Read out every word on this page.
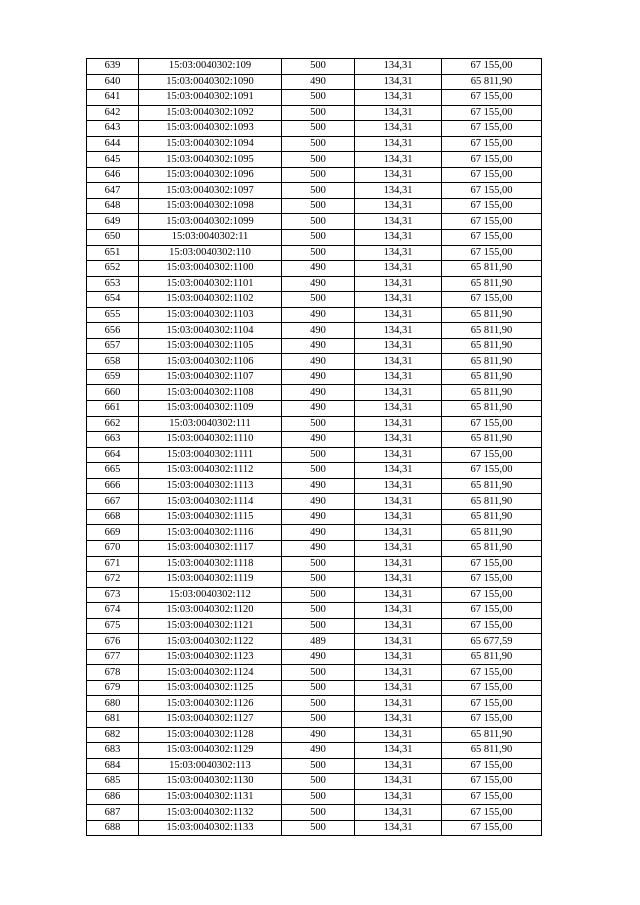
639	15:03:0040302:109	500	134,31	67 155,00
640	15:03:0040302:1090	490	134,31	65 811,90
641	15:03:0040302:1091	500	134,31	67 155,00
642	15:03:0040302:1092	500	134,31	67 155,00
643	15:03:0040302:1093	500	134,31	67 155,00
644	15:03:0040302:1094	500	134,31	67 155,00
645	15:03:0040302:1095	500	134,31	67 155,00
646	15:03:0040302:1096	500	134,31	67 155,00
647	15:03:0040302:1097	500	134,31	67 155,00
648	15:03:0040302:1098	500	134,31	67 155,00
649	15:03:0040302:1099	500	134,31	67 155,00
650	15:03:0040302:11	500	134,31	67 155,00
651	15:03:0040302:110	500	134,31	67 155,00
652	15:03:0040302:1100	490	134,31	65 811,90
653	15:03:0040302:1101	490	134,31	65 811,90
654	15:03:0040302:1102	500	134,31	67 155,00
655	15:03:0040302:1103	490	134,31	65 811,90
656	15:03:0040302:1104	490	134,31	65 811,90
657	15:03:0040302:1105	490	134,31	65 811,90
658	15:03:0040302:1106	490	134,31	65 811,90
659	15:03:0040302:1107	490	134,31	65 811,90
660	15:03:0040302:1108	490	134,31	65 811,90
661	15:03:0040302:1109	490	134,31	65 811,90
662	15:03:0040302:111	500	134,31	67 155,00
663	15:03:0040302:1110	490	134,31	65 811,90
664	15:03:0040302:1111	500	134,31	67 155,00
665	15:03:0040302:1112	500	134,31	67 155,00
666	15:03:0040302:1113	490	134,31	65 811,90
667	15:03:0040302:1114	490	134,31	65 811,90
668	15:03:0040302:1115	490	134,31	65 811,90
669	15:03:0040302:1116	490	134,31	65 811,90
670	15:03:0040302:1117	490	134,31	65 811,90
671	15:03:0040302:1118	500	134,31	67 155,00
672	15:03:0040302:1119	500	134,31	67 155,00
673	15:03:0040302:112	500	134,31	67 155,00
674	15:03:0040302:1120	500	134,31	67 155,00
675	15:03:0040302:1121	500	134,31	67 155,00
676	15:03:0040302:1122	489	134,31	65 677,59
677	15:03:0040302:1123	490	134,31	65 811,90
678	15:03:0040302:1124	500	134,31	67 155,00
679	15:03:0040302:1125	500	134,31	67 155,00
680	15:03:0040302:1126	500	134,31	67 155,00
681	15:03:0040302:1127	500	134,31	67 155,00
682	15:03:0040302:1128	490	134,31	65 811,90
683	15:03:0040302:1129	490	134,31	65 811,90
684	15:03:0040302:113	500	134,31	67 155,00
685	15:03:0040302:1130	500	134,31	67 155,00
686	15:03:0040302:1131	500	134,31	67 155,00
687	15:03:0040302:1132	500	134,31	67 155,00
688	15:03:0040302:1133	500	134,31	67 155,00
